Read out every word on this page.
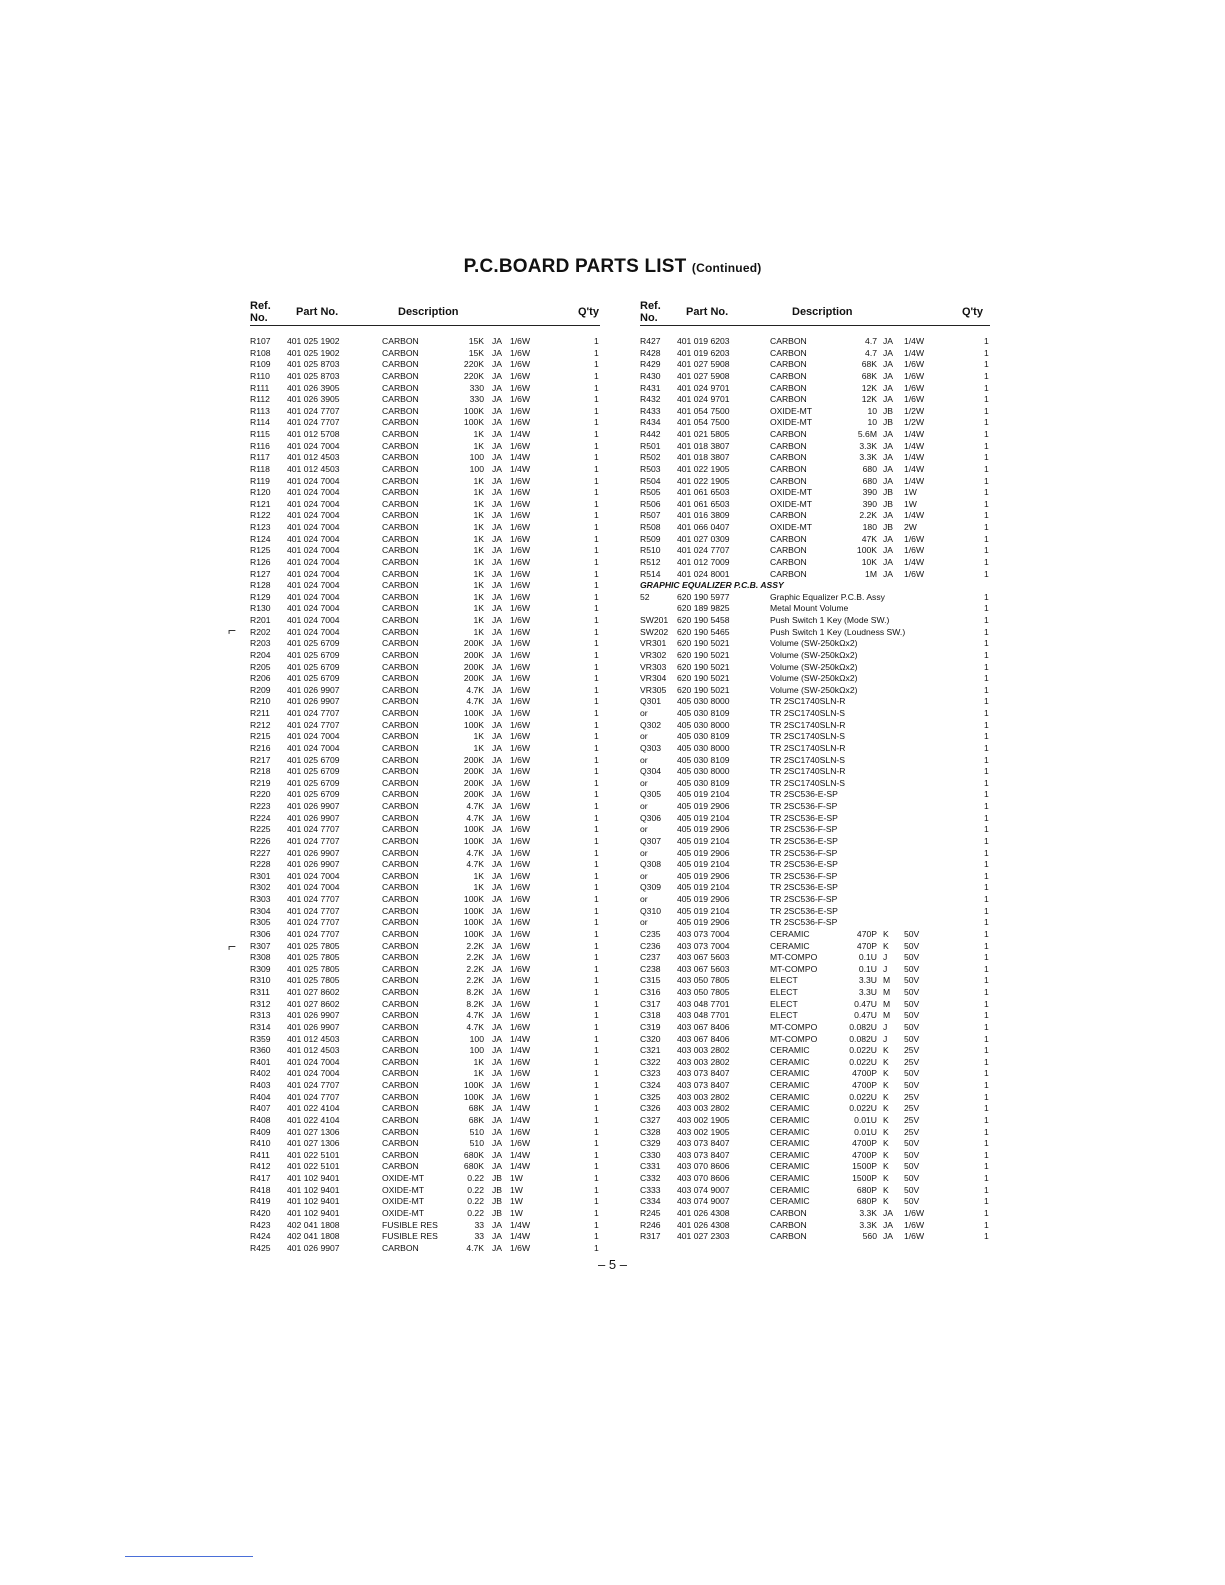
P.C.BOARD PARTS LIST (Continued)
Ref.
No.	Part No.	Description	Q'ty
R107 401 025 1902	CARBON	15K JA 1/6W	1
R108 401 025 1902	CARBON	15K JA 1/6W	1
R109 401 025 8703	CARBON	220K JA 1/6W	1
R110 401 025 8703	CARBON	220K JA 1/6W	1
R111 401 026 3905	CARBON	330 JA 1/6W	1
R112 401 026 3905	CARBON	330 JA 1/6W	1
R113 401 024 7707	CARBON	100K JA 1/6W	1
R114 401 024 7707	CARBON	100K JA 1/6W	1
R115 401 012 5708	CARBON	1K JA 1/4W	1
R116 401 024 7004	CARBON	1K JA 1/6W	1
R117 401 012 4503	CARBON	100 JA 1/4W	1
R118 401 012 4503	CARBON	100 JA 1/4W	1
R119 401 024 7004	CARBON	1K JA 1/6W	1
R120 401 024 7004	CARBON	1K JA 1/6W	1
R121 401 024 7004	CARBON	1K JA 1/6W	1
R122 401 024 7004	CARBON	1K JA 1/6W	1
R123 401 024 7004	CARBON	1K JA 1/6W	1
R124 401 024 7004	CARBON	1K JA 1/6W	1
R125 401 024 7004	CARBON	1K JA 1/6W	1
R126 401 024 7004	CARBON	1K JA 1/6W	1
R127 401 024 7004	CARBON	1K JA 1/6W	1
R128 401 024 7004	CARBON	1K JA 1/6W	1
R129 401 024 7004	CARBON	1K JA 1/6W	1
R130 401 024 7004	CARBON	1K JA 1/6W	1
R201 401 024 7004	CARBON	1K JA 1/6W	1
R202 401 024 7004	CARBON	1K JA 1/6W	1
R203 401 025 6709	CARBON	200K JA 1/6W	1
R204 401 025 6709	CARBON	200K JA 1/6W	1
R205 401 025 6709	CARBON	200K JA 1/6W	1
R206 401 025 6709	CARBON	200K JA 1/6W	1
R209 401 026 9907	CARBON	4.7K JA 1/6W	1
R210 401 026 9907	CARBON	4.7K JA 1/6W	1
R211 401 024 7707	CARBON	100K JA 1/6W	1
R212 401 024 7707	CARBON	100K JA 1/6W	1
R215 401 024 7004	CARBON	1K JA 1/6W	1
R216 401 024 7004	CARBON	1K JA 1/6W	1
R217 401 025 6709	CARBON	200K JA 1/6W	1
R218 401 025 6709	CARBON	200K JA 1/6W	1
R219 401 025 6709	CARBON	200K JA 1/6W	1
R220 401 025 6709	CARBON	200K JA 1/6W	1
R223 401 026 9907	CARBON	4.7K JA 1/6W	1
R224 401 026 9907	CARBON	4.7K JA 1/6W	1
R225 401 024 7707	CARBON	100K JA 1/6W	1
R226 401 024 7707	CARBON	100K JA 1/6W	1
R227 401 026 9907	CARBON	4.7K JA 1/6W	1
R228 401 026 9907	CARBON	4.7K JA 1/6W	1
R301 401 024 7004	CARBON	1K JA 1/6W	1
R302 401 024 7004	CARBON	1K JA 1/6W	1
R303 401 024 7707	CARBON	100K JA 1/6W	1
R304 401 024 7707	CARBON	100K JA 1/6W	1
R305 401 024 7707	CARBON	100K JA 1/6W	1
R306 401 024 7707	CARBON	100K JA 1/6W	1
R307 401 025 7805	CARBON	2.2K JA 1/6W	1
R308 401 025 7805	CARBON	2.2K JA 1/6W	1
R309 401 025 7805	CARBON	2.2K JA 1/6W	1
R310 401 025 7805	CARBON	2.2K JA 1/6W	1
R311 401 027 8602	CARBON	8.2K JA 1/6W	1
R312 401 027 8602	CARBON	8.2K JA 1/6W	1
R313 401 026 9907	CARBON	4.7K JA 1/6W	1
R314 401 026 9907	CARBON	4.7K JA 1/6W	1
R359 401 012 4503	CARBON	100 JA 1/4W	1
R360 401 012 4503	CARBON	100 JA 1/4W	1
R401 401 024 7004	CARBON	1K JA 1/6W	1
R402 401 024 7004	CARBON	1K JA 1/6W	1
R403 401 024 7707	CARBON	100K JA 1/6W	1
R404 401 024 7707	CARBON	100K JA 1/6W	1
R407 401 022 4104	CARBON	68K JA 1/4W	1
R408 401 022 4104	CARBON	68K JA 1/4W	1
R409 401 027 1306	CARBON	510 JA 1/6W	1
R410 401 027 1306	CARBON	510 JA 1/6W	1
R411 401 022 5101	CARBON	680K JA 1/4W	1
R412 401 022 5101	CARBON	680K JA 1/4W	1
R417 401 102 9401	OXIDE-MT	0.22 JB 1W	1
R418 401 102 9401	OXIDE-MT	0.22 JB 1W	1
R419 401 102 9401	OXIDE-MT	0.22 JB 1W	1
R420 401 102 9401	OXIDE-MT	0.22 JB 1W	1
R423 402 041 1808	FUSIBLE RES	33 JA 1/4W	1
R424 402 041 1808	FUSIBLE RES	33 JA 1/4W	1
R425 401 026 9907	CARBON	4.7K JA 1/6W	1
Ref.
No.	Part No.	Description	Q'ty
R427 401 019 6203	CARBON	4.7 JA 1/4W	1
R428 401 019 6203	CARBON	4.7 JA 1/4W	1
R429 401 027 5908	CARBON	68K JA 1/6W	1
R430 401 027 5908	CARBON	68K JA 1/6W	1
R431 401 024 9701	CARBON	12K JA 1/6W	1
R432 401 024 9701	CARBON	12K JA 1/6W	1
R433 401 054 7500	OXIDE-MT	10 JB 1/2W	1
R434 401 054 7500	OXIDE-MT	10 JB 1/2W	1
R442 401 021 5805	CARBON	5.6M JA 1/4W	1
R501 401 018 3807	CARBON	3.3K JA 1/4W	1
R502 401 018 3807	CARBON	3.3K JA 1/4W	1
R503 401 022 1905	CARBON	680 JA 1/4W	1
R504 401 022 1905	CARBON	680 JA 1/4W	1
R505 401 061 6503	OXIDE-MT	390 JB 1W	1
R506 401 061 6503	OXIDE-MT	390 JB 1W	1
R507 401 016 3809	CARBON	2.2K JA 1/4W	1
R508 401 066 0407	OXIDE-MT	180 JB 2W	1
R509 401 027 0309	CARBON	47K JA 1/6W	1
R510 401 024 7707	CARBON	100K JA 1/6W	1
R512 401 012 7009	CARBON	10K JA 1/4W	1
R514 401 024 8001	CARBON	1M JA 1/6W	1
GRAPHIC EQUALIZER P.C.B. ASSY
52	620 190 5977	Graphic Equalizer P.C.B. Assy	1
620 189 9825	Metal Mount Volume	1
SW201 620 190 5458	Push Switch 1 Key (Mode SW.)	1
SW202 620 190 5465	Push Switch 1 Key (Loudness SW.)	1
VR301 620 190 5021	Volume (SW-250kΩx2)	1
VR302 620 190 5021	Volume (SW-250kΩx2)	1
VR303 620 190 5021	Volume (SW-250kΩx2)	1
VR304 620 190 5021	Volume (SW-250kΩx2)	1
VR305 620 190 5021	Volume (SW-250kΩx2)	1
Q301 405 030 8000	TR 2SC1740SLN-R	1
or	405 030 8109	TR 2SC1740SLN-S	1
Q302 405 030 8000	TR 2SC1740SLN-R	1
or	405 030 8109	TR 2SC1740SLN-S	1
Q303 405 030 8000	TR 2SC1740SLN-R	1
or	405 030 8109	TR 2SC1740SLN-S	1
Q304 405 030 8000	TR 2SC1740SLN-R	1
or	405 030 8109	TR 2SC1740SLN-S	1
Q305 405 019 2104	TR 2SC536-E-SP	1
or	405 019 2906	TR 2SC536-F-SP	1
Q306 405 019 2104	TR 2SC536-E-SP	1
or	405 019 2906	TR 2SC536-F-SP	1
Q307 405 019 2104	TR 2SC536-E-SP	1
or	405 019 2906	TR 2SC536-F-SP	1
Q308 405 019 2104	TR 2SC536-E-SP	1
or	405 019 2906	TR 2SC536-F-SP	1
Q309 405 019 2104	TR 2SC536-E-SP	1
or	405 019 2906	TR 2SC536-F-SP	1
Q310 405 019 2104	TR 2SC536-E-SP	1
or	405 019 2906	TR 2SC536-F-SP	1
C235 403 073 7004	CERAMIC	470P K 50V	1
C236 403 073 7004	CERAMIC	470P K 50V	1
C237 403 067 5603	MT-COMPO	0.1U J 50V	1
C238 403 067 5603	MT-COMPO	0.1U J 50V	1
C315 403 050 7805	ELECT	3.3U M 50V	1
C316 403 050 7805	ELECT	3.3U M 50V	1
C317 403 048 7701	ELECT	0.47U M 50V	1
C318 403 048 7701	ELECT	0.47U M 50V	1
C319 403 067 8406	MT-COMPO	0.082U J 50V	1
C320 403 067 8406	MT-COMPO	0.082U J 50V	1
C321 403 003 2802	CERAMIC	0.022U K 25V	1
C322 403 003 2802	CERAMIC	0.022U K 25V	1
C323 403 073 8407	CERAMIC	4700P K 50V	1
C324 403 073 8407	CERAMIC	4700P K 50V	1
C325 403 003 2802	CERAMIC	0.022U K 25V	1
C326 403 003 2802	CERAMIC	0.022U K 25V	1
C327 403 002 1905	CERAMIC	0.01U K 25V	1
C328 403 002 1905	CERAMIC	0.01U K 25V	1
C329 403 073 8407	CERAMIC	4700P K 50V	1
C330 403 073 8407	CERAMIC	4700P K 50V	1
C331 403 070 8606	CERAMIC	1500P K 50V	1
C332 403 070 8606	CERAMIC	1500P K 50V	1
C333 403 074 9007	CERAMIC	680P K 50V	1
C334 403 074 9007	CERAMIC	680P K 50V	1
R245 401 026 4308	CARBON	3.3K JA 1/6W	1
R246 401 026 4308	CARBON	3.3K JA 1/6W	1
R317 401 027 2303	CARBON	560 JA 1/6W	1
– 5 –
⌐
⌐
